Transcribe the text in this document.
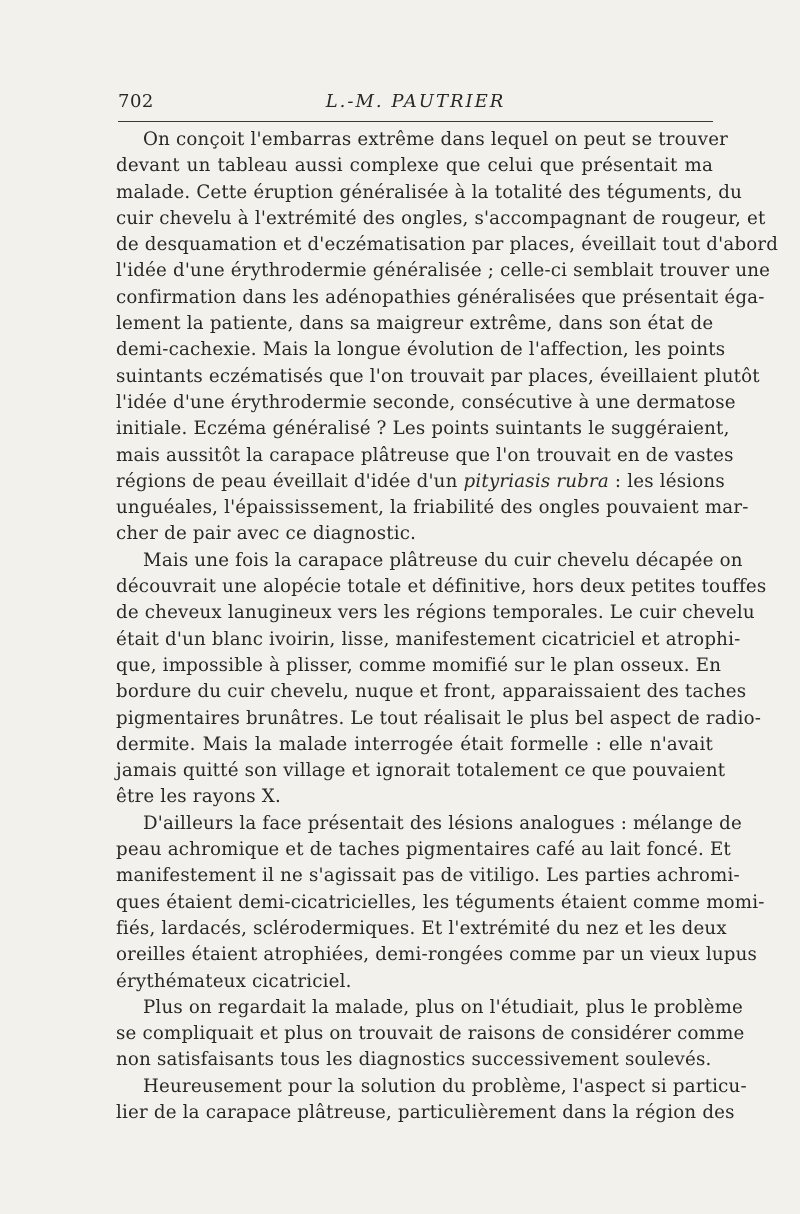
702	L.-M. PAUTRIER
On conçoit l'embarras extrême dans lequel on peut se trouver
devant un tableau aussi complexe que celui que présentait ma
malade. Cette éruption généralisée à la totalité des téguments, du
cuir chevelu à l'extrémité des ongles, s'accompagnant de rougeur, et
de desquamation et d'eczématisation par places, éveillait tout d'abord
l'idée d'une érythrodermie généralisée ; celle-ci semblait trouver une
confirmation dans les adénopathies généralisées que présentait éga-
lement la patiente, dans sa maigreur extrême, dans son état de
demi-cachexie. Mais la longue évolution de l'affection, les points
suintants eczématisés que l'on trouvait par places, éveillaient plutôt
l'idée d'une érythrodermie seconde, consécutive à une dermatose
initiale. Eczéma généralisé ? Les points suintants le suggéraient,
mais aussitôt la carapace plâtreuse que l'on trouvait en de vastes
régions de peau éveillait d'idée d'un pityriasis rubra : les lésions
unguéales, l'épaississement, la friabilité des ongles pouvaient mar-
cher de pair avec ce diagnostic.
Mais une fois la carapace plâtreuse du cuir chevelu décapée on
découvrait une alopécie totale et définitive, hors deux petites touffes
de cheveux lanugineux vers les régions temporales. Le cuir chevelu
était d'un blanc ivoirin, lisse, manifestement cicatriciel et atrophi-
que, impossible à plisser, comme momifié sur le plan osseux. En
bordure du cuir chevelu, nuque et front, apparaissaient des taches
pigmentaires brunâtres. Le tout réalisait le plus bel aspect de radio-
dermite. Mais la malade interrogée était formelle : elle n'avait
jamais quitté son village et ignorait totalement ce que pouvaient
être les rayons X.
D'ailleurs la face présentait des lésions analogues : mélange de
peau achromique et de taches pigmentaires café au lait foncé. Et
manifestement il ne s'agissait pas de vitiligo. Les parties achromi-
ques étaient demi-cicatricielles, les téguments étaient comme momi-
fiés, lardacés, sclérodermiques. Et l'extrémité du nez et les deux
oreilles étaient atrophiées, demi-rongées comme par un vieux lupus
érythémateux cicatriciel.
Plus on regardait la malade, plus on l'étudiait, plus le problème
se compliquait et plus on trouvait de raisons de considérer comme
non satisfaisants tous les diagnostics successivement soulevés.
Heureusement pour la solution du problème, l'aspect si particu-
lier de la carapace plâtreuse, particulièrement dans la région des
